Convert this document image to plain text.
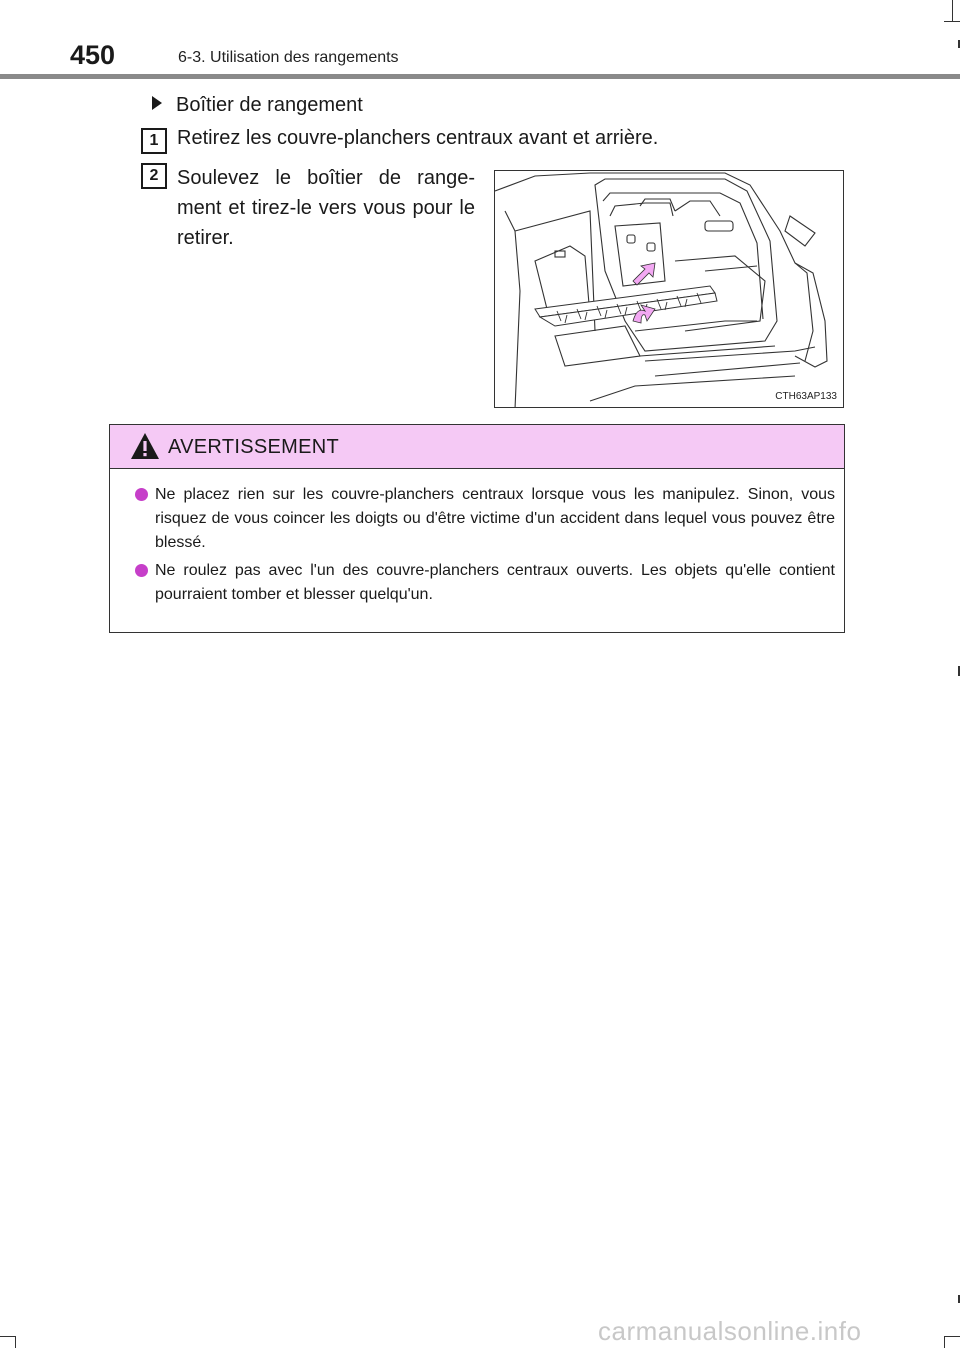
450	6-3. Utilisation des rangements
Boîtier de rangement
1 Retirez les couvre-planchers centraux avant et arrière.
2 Soulevez le boîtier de range-ment et tirez-le vers vous pour le retirer.
CTH63AP133
AVERTISSEMENT
Ne placez rien sur les couvre-planchers centraux lorsque vous les manipulez. Sinon, vous risquez de vous coincer les doigts ou d'être victime d'un accident dans lequel vous pouvez être blessé.
Ne roulez pas avec l'un des couvre-planchers centraux ouverts. Les objets qu'elle contient pourraient tomber et blesser quelqu'un.
carmanualsonline.info
